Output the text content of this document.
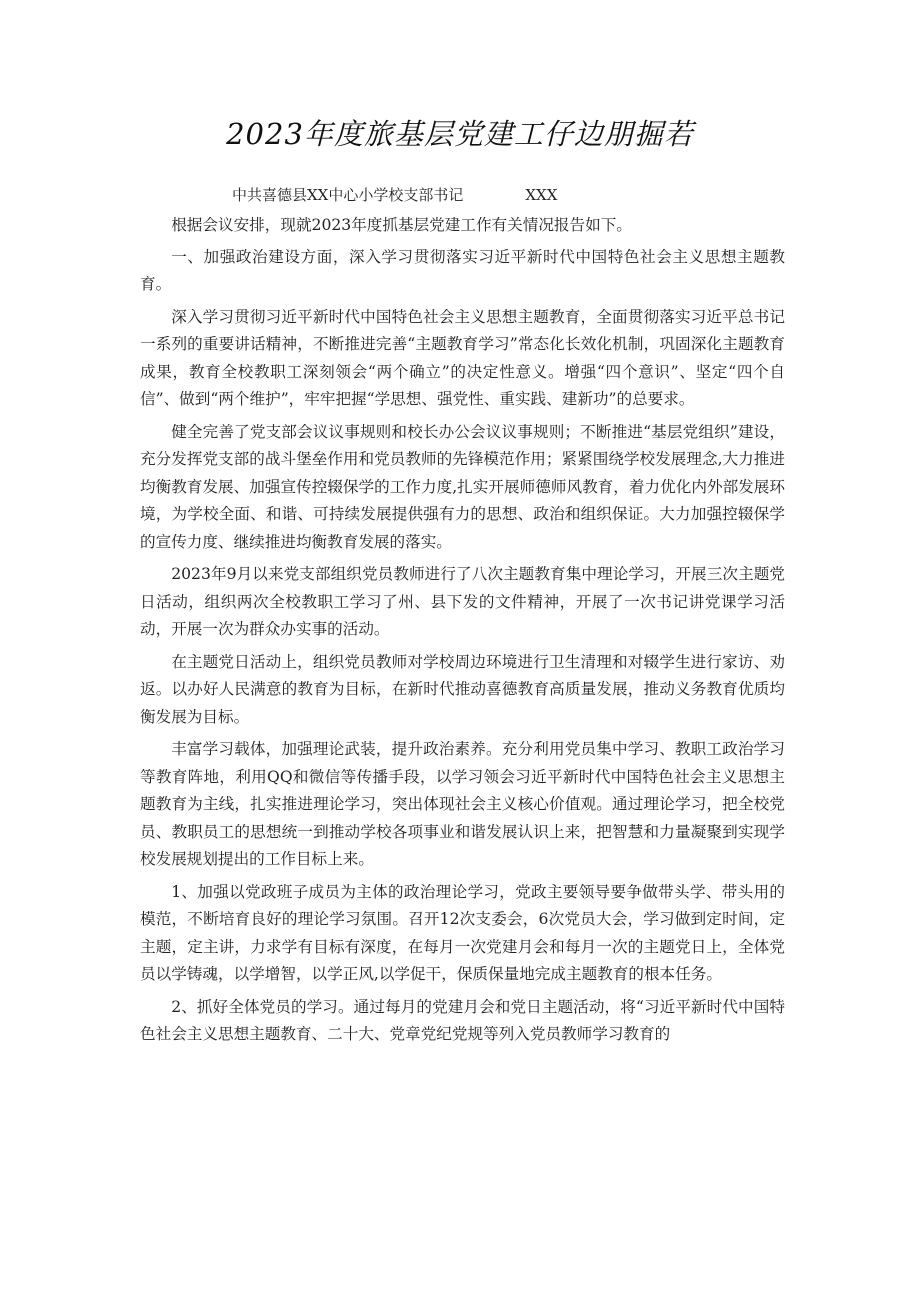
2023年度旅基层党建工仔边朋掘若
中共喜德县XX中心小学校支部书记	XXX

根据会议安排，现就2023年度抓基层党建工作有关情况报告如下。

一、加强政治建设方面，深入学习贯彻落实习近平新时代中国特色社会主义思想主题教育。

深入学习贯彻习近平新时代中国特色社会主义思想主题教育，全面贯彻落实习近平总书记一系列的重要讲话精神，不断推进完善“主题教育学习”常态化长效化机制，巩固深化主题教育成果，教育全校教职工深刻领会“两个确立”的决定性意义。增强“四个意识”、坚定“四个自信”、做到“两个维护”，牢牢把握“学思想、强党性、重实践、建新功”的总要求。

健全完善了党支部会议议事规则和校长办公会议议事规则；不断推进“基层党组织”建设，充分发挥党支部的战斗堡垒作用和党员教师的先锋模范作用；紧紧围绕学校发展理念,大力推进均衡教育发展、加强宣传控辍保学的工作力度,扎实开展师德师风教育，着力优化内外部发展环境，为学校全面、和谐、可持续发展提供强有力的思想、政治和组织保证。大力加强控辍保学的宣传力度、继续推进均衡教育发展的落实。

2023年9月以来党支部组织党员教师进行了八次主题教育集中理论学习，开展三次主题党日活动，组织两次全校教职工学习了州、县下发的文件精神，开展了一次书记讲党课学习活动，开展一次为群众办实事的活动。

在主题党日活动上，组织党员教师对学校周边环境进行卫生清理和对辍学生进行家访、劝返。以办好人民满意的教育为目标，在新时代推动喜德教育高质量发展，推动义务教育优质均衡发展为目标。

丰富学习载体，加强理论武装，提升政治素养。充分利用党员集中学习、教职工政治学习等教育阵地，利用QQ和微信等传播手段，以学习领会习近平新时代中国特色社会主义思想主题教育为主线，扎实推进理论学习，突出体现社会主义核心价值观。通过理论学习，把全校党员、教职员工的思想统一到推动学校各项事业和谐发展认识上来，把智慧和力量凝聚到实现学校发展规划提出的工作目标上来。

1、加强以党政班子成员为主体的政治理论学习，党政主要领导要争做带头学、带头用的模范，不断培育良好的理论学习氛围。召开12次支委会，6次党员大会，学习做到定时间，定主题，定主讲，力求学有目标有深度，在每月一次党建月会和每月一次的主题党日上，全体党员以学铸魂，以学增智，以学正风,以学促干，保质保量地完成主题教育的根本任务。

2、抓好全体党员的学习。通过每月的党建月会和党日主题活动，将“习近平新时代中国特色社会主义思想主题教育、二十大、党章党纪党规等列入党员教师学习教育的
